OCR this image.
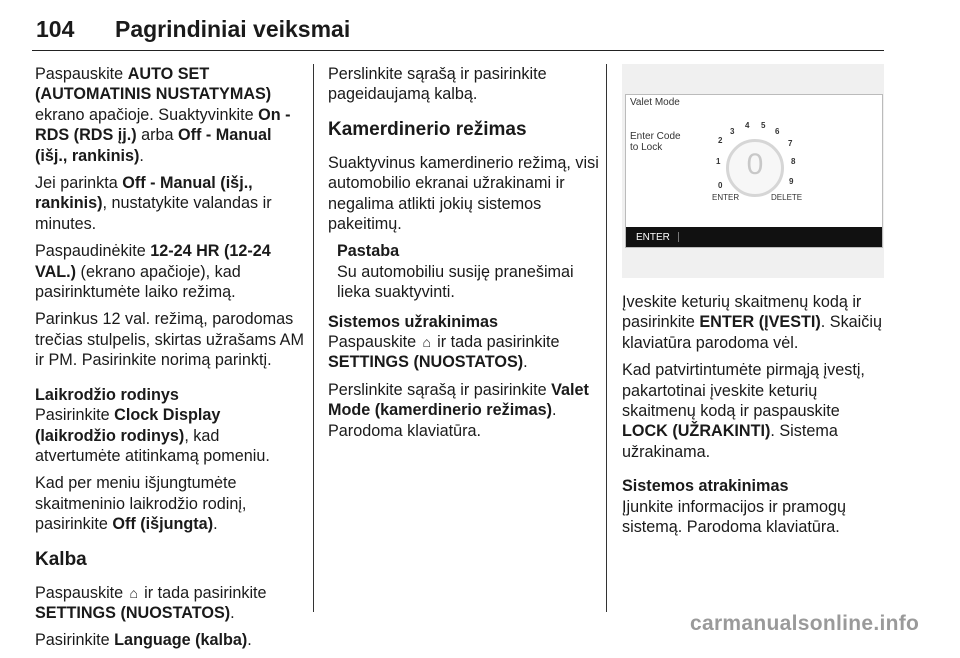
104 Pagrindiniai veiksmai

Paspauskite AUTO SET (AUTOMATINIS NUSTATYMAS) ekrano apačioje. Suaktyvinkite On - RDS (RDS įj.) arba Off - Manual (išj., rankinis).

Jei parinkta Off - Manual (išj., rankinis), nustatykite valandas ir minutes.

Paspaudinėkite 12-24 HR (12-24 VAL.) (ekrano apačioje), kad pasirinktumėte laiko režimą.

Parinkus 12 val. režimą, parodomas trečias stulpelis, skirtas užrašams AM ir PM. Pasirinkite norimą parinktį.

Laikrodžio rodinys

Pasirinkite Clock Display (laikrodžio rodinys), kad atvertumėte atitinkamą pomeniu.

Kad per meniu išjungtumėte skaitmeninio laikrodžio rodinį, pasirinkite Off (išjungta).

Kalba

Paspauskite ⌂ ir tada pasirinkite SETTINGS (NUOSTATOS).

Pasirinkite Language (kalba).

Perslinkite sąrašą ir pasirinkite pageidaujamą kalbą.

Kamerdinerio režimas

Suaktyvinus kamerdinerio režimą, visi automobilio ekranai užrakinami ir negalima atlikti jokių sistemos pakeitimų.

Pastaba
Su automobiliu susiję pranešimai lieka suaktyvinti.

Sistemos užrakinimas

Paspauskite ⌂ ir tada pasirinkite SETTINGS (NUOSTATOS).

Perslinkite sąrašą ir pasirinkite Valet Mode (kamerdinerio režimas). Parodoma klaviatūra.

Valet Mode
Enter Code to Lock
0
1
2
3
4 5
6
7
8
9
0
ENTER	DELETE
ENTER

Įveskite keturių skaitmenų kodą ir pasirinkite ENTER (ĮVESTI). Skaičių klaviatūra parodoma vėl.

Kad patvirtintumėte pirmąją įvestį, pakartotinai įveskite keturių skaitmenų kodą ir paspauskite LOCK (UŽRAKINTI). Sistema užrakinama.

Sistemos atrakinimas

Įjunkite informacijos ir pramogų sistemą. Parodoma klaviatūra.

carmanualsonline.info
